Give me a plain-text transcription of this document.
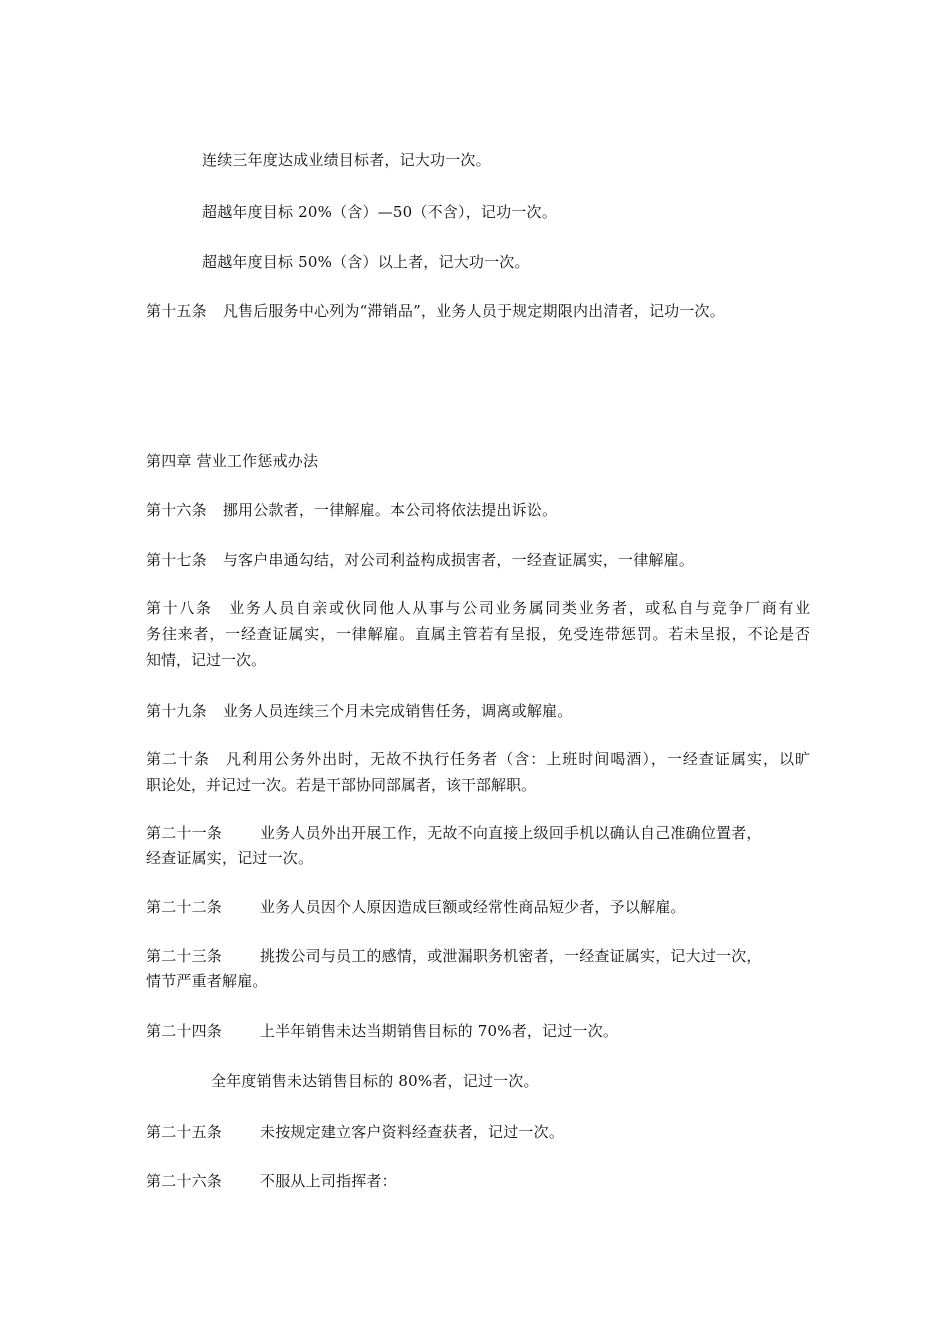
连续三年度达成业绩目标者，记大功一次。
超越年度目标 20%（含）—50（不含），记功一次。
超越年度目标 50%（含）以上者，记大功一次。
第十五条 凡售后服务中心列为“滞销品”，业务人员于规定期限内出清者，记功一次。
第四章 营业工作惩戒办法
第十六条 挪用公款者，一律解雇。本公司将依法提出诉讼。
第十七条 与客户串通勾结，对公司利益构成损害者，一经查证属实，一律解雇。
第十八条　业务人员自亲或伙同他人从事与公司业务属同类业务者，或私自与竞争厂商有业
务往来者，一经查证属实，一律解雇。直属主管若有呈报，免受连带惩罚。若未呈报，不论是否
知情，记过一次。
第十九条 业务人员连续三个月未完成销售任务，调离或解雇。
第二十条　凡利用公务外出时，无故不执行任务者（含：上班时间喝酒），一经查证属实，以旷
职论处，并记过一次。若是干部协同部属者，该干部解职。
第二十一条	业务人员外出开展工作，无故不向直接上级回手机以确认自己准确位置者，
经查证属实，记过一次。
第二十二条	业务人员因个人原因造成巨额或经常性商品短少者，予以解雇。
第二十三条	挑拨公司与员工的感情，或泄漏职务机密者，一经查证属实，记大过一次，
情节严重者解雇。
第二十四条	上半年销售未达当期销售目标的 70%者，记过一次。
全年度销售未达销售目标的 80%者，记过一次。
第二十五条	未按规定建立客户资料经查获者，记过一次。
第二十六条	不服从上司指挥者：
